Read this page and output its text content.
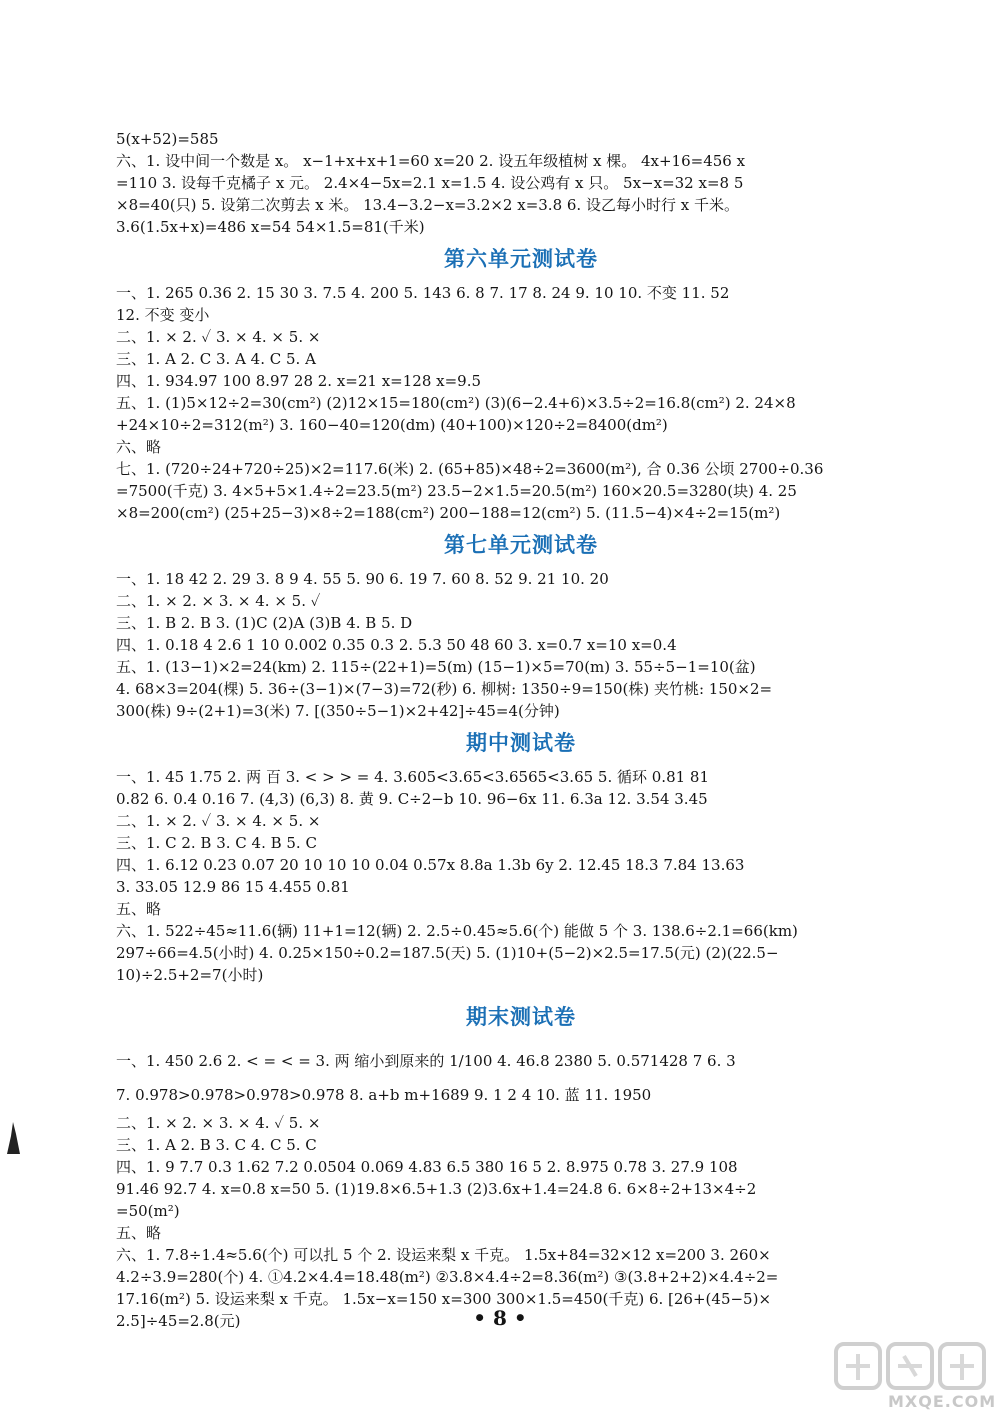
5(x+52)=585
六、1. 设中间一个数是 x。 x−1+x+x+1=60 x=20 2. 设五年级植树 x 棵。 4x+16=456 x
=110 3. 设每千克橘子 x 元。 2.4×4−5x=2.1 x=1.5 4. 设公鸡有 x 只。 5x−x=32 x=8 5
×8=40(只) 5. 设第二次剪去 x 米。 13.4−3.2−x=3.2×2 x=3.8 6. 设乙每小时行 x 千米。
3.6(1.5x+x)=486 x=54 54×1.5=81(千米)
第六单元测试卷
一、1. 265 0.36 2. 15 30 3. 7.5 4. 200 5. 143 6. 8 7. 17 8. 24 9. 10 10. 不变 11. 52
12. 不变 变小
二、1. × 2. ✓ 3. × 4. × 5. ×
三、1. A 2. C 3. A 4. C 5. A
四、1. 934.97 100 8.97 28 2. x=21 x=128 x=9.5
五、1. (1)5×12÷2=30(cm²) (2)12×15=180(cm²) (3)(6−2.4+6)×3.5÷2=16.8(cm²) 2. 24×8
+24×10÷2=312(m²) 3. 160−40=120(dm) (40+100)×120÷2=8400(dm²)
六、略
七、1. (720÷24+720÷25)×2=117.6(米) 2. (65+85)×48÷2=3600(m²), 合 0.36 公顷 2700÷0.36
=7500(千克) 3. 4×5+5×1.4÷2=23.5(m²) 23.5−2×1.5=20.5(m²) 160×20.5=3280(块) 4. 25
×8=200(cm²) (25+25−3)×8÷2=188(cm²) 200−188=12(cm²) 5. (11.5−4)×4÷2=15(m²)
第七单元测试卷
一、1. 18 42 2. 29 3. 8 9 4. 55 5. 90 6. 19 7. 60 8. 52 9. 21 10. 20
二、1. × 2. × 3. × 4. × 5. ✓
三、1. B 2. B 3. (1)C (2)A (3)B 4. B 5. D
四、1. 0.18 4 2.6 1 10 0.002 0.35 0.3 2. 5.3 50 48 60 3. x=0.7 x=10 x=0.4
五、1. (13−1)×2=24(km) 2. 115÷(22+1)=5(m) (15−1)×5=70(m) 3. 55÷5−1=10(盆)
4. 68×3=204(棵) 5. 36÷(3−1)×(7−3)=72(秒) 6. 柳树: 1350÷9=150(株) 夹竹桃: 150×2=
300(株) 9÷(2+1)=3(米) 7. [(350÷5−1)×2+42]÷45=4(分钟)
期中测试卷
一、1. 45 1.75 2. 两 百 3. < > > = 4. 3.605<3.65<3.6565<3.65 5. 循环 0.81 81
0.82 6. 0.4 0.16 7. (4,3) (6,3) 8. 黄 9. C÷2−b 10. 96−6x 11. 6.3a 12. 3.54 3.45
二、1. × 2. ✓ 3. × 4. × 5. ×
三、1. C 2. B 3. C 4. B 5. C
四、1. 6.12 0.23 0.07 20 10 10 10 0.04 0.57x 8.8a 1.3b 6y 2. 12.45 18.3 7.84 13.63
3. 33.05 12.9 86 15 4.455 0.81
五、略
六、1. 522÷45≈11.6(辆) 11+1=12(辆) 2. 2.5÷0.45≈5.6(个) 能做 5 个 3. 138.6÷2.1=66(km)
297÷66=4.5(小时) 4. 0.25×150÷0.2=187.5(天) 5. (1)10+(5−2)×2.5=17.5(元) (2)(22.5−
10)÷2.5+2=7(小时)
期末测试卷
一、1. 450 2.6 2. < = < = 3. 两 缩小到原来的 1/100 4. 46.8 2380 5. 0.571428 7 6. 3
7. 0.978>0.978>0.978>0.978 8. a+b m+1689 9. 1 2 4 10. 蓝 11. 1950
二、1. × 2. × 3. × 4. ✓ 5. ×
三、1. A 2. B 3. C 4. C 5. C
四、1. 9 7.7 0.3 1.62 7.2 0.0504 0.069 4.83 6.5 380 16 5 2. 8.975 0.78 3. 27.9 108
91.46 92.7 4. x=0.8 x=50 5. (1)19.8×6.5+1.3 (2)3.6x+1.4=24.8 6. 6×8÷2+13×4÷2
=50(m²)
五、略
六、1. 7.8÷1.4≈5.6(个) 可以扎 5 个 2. 设运来梨 x 千克。 1.5x+84=32×12 x=200 3. 260×
4.2÷3.9=280(个) 4. ①4.2×4.4=18.48(m²) ②3.8×4.4÷2=8.36(m²) ③(3.8+2+2)×4.4÷2=
17.16(m²) 5. 设运来梨 x 千克。 1.5x−x=150 x=300 300×1.5=450(千克) 6. [26+(45−5)×
2.5]÷45=2.8(元)	• 8 •
MXQE.COM
